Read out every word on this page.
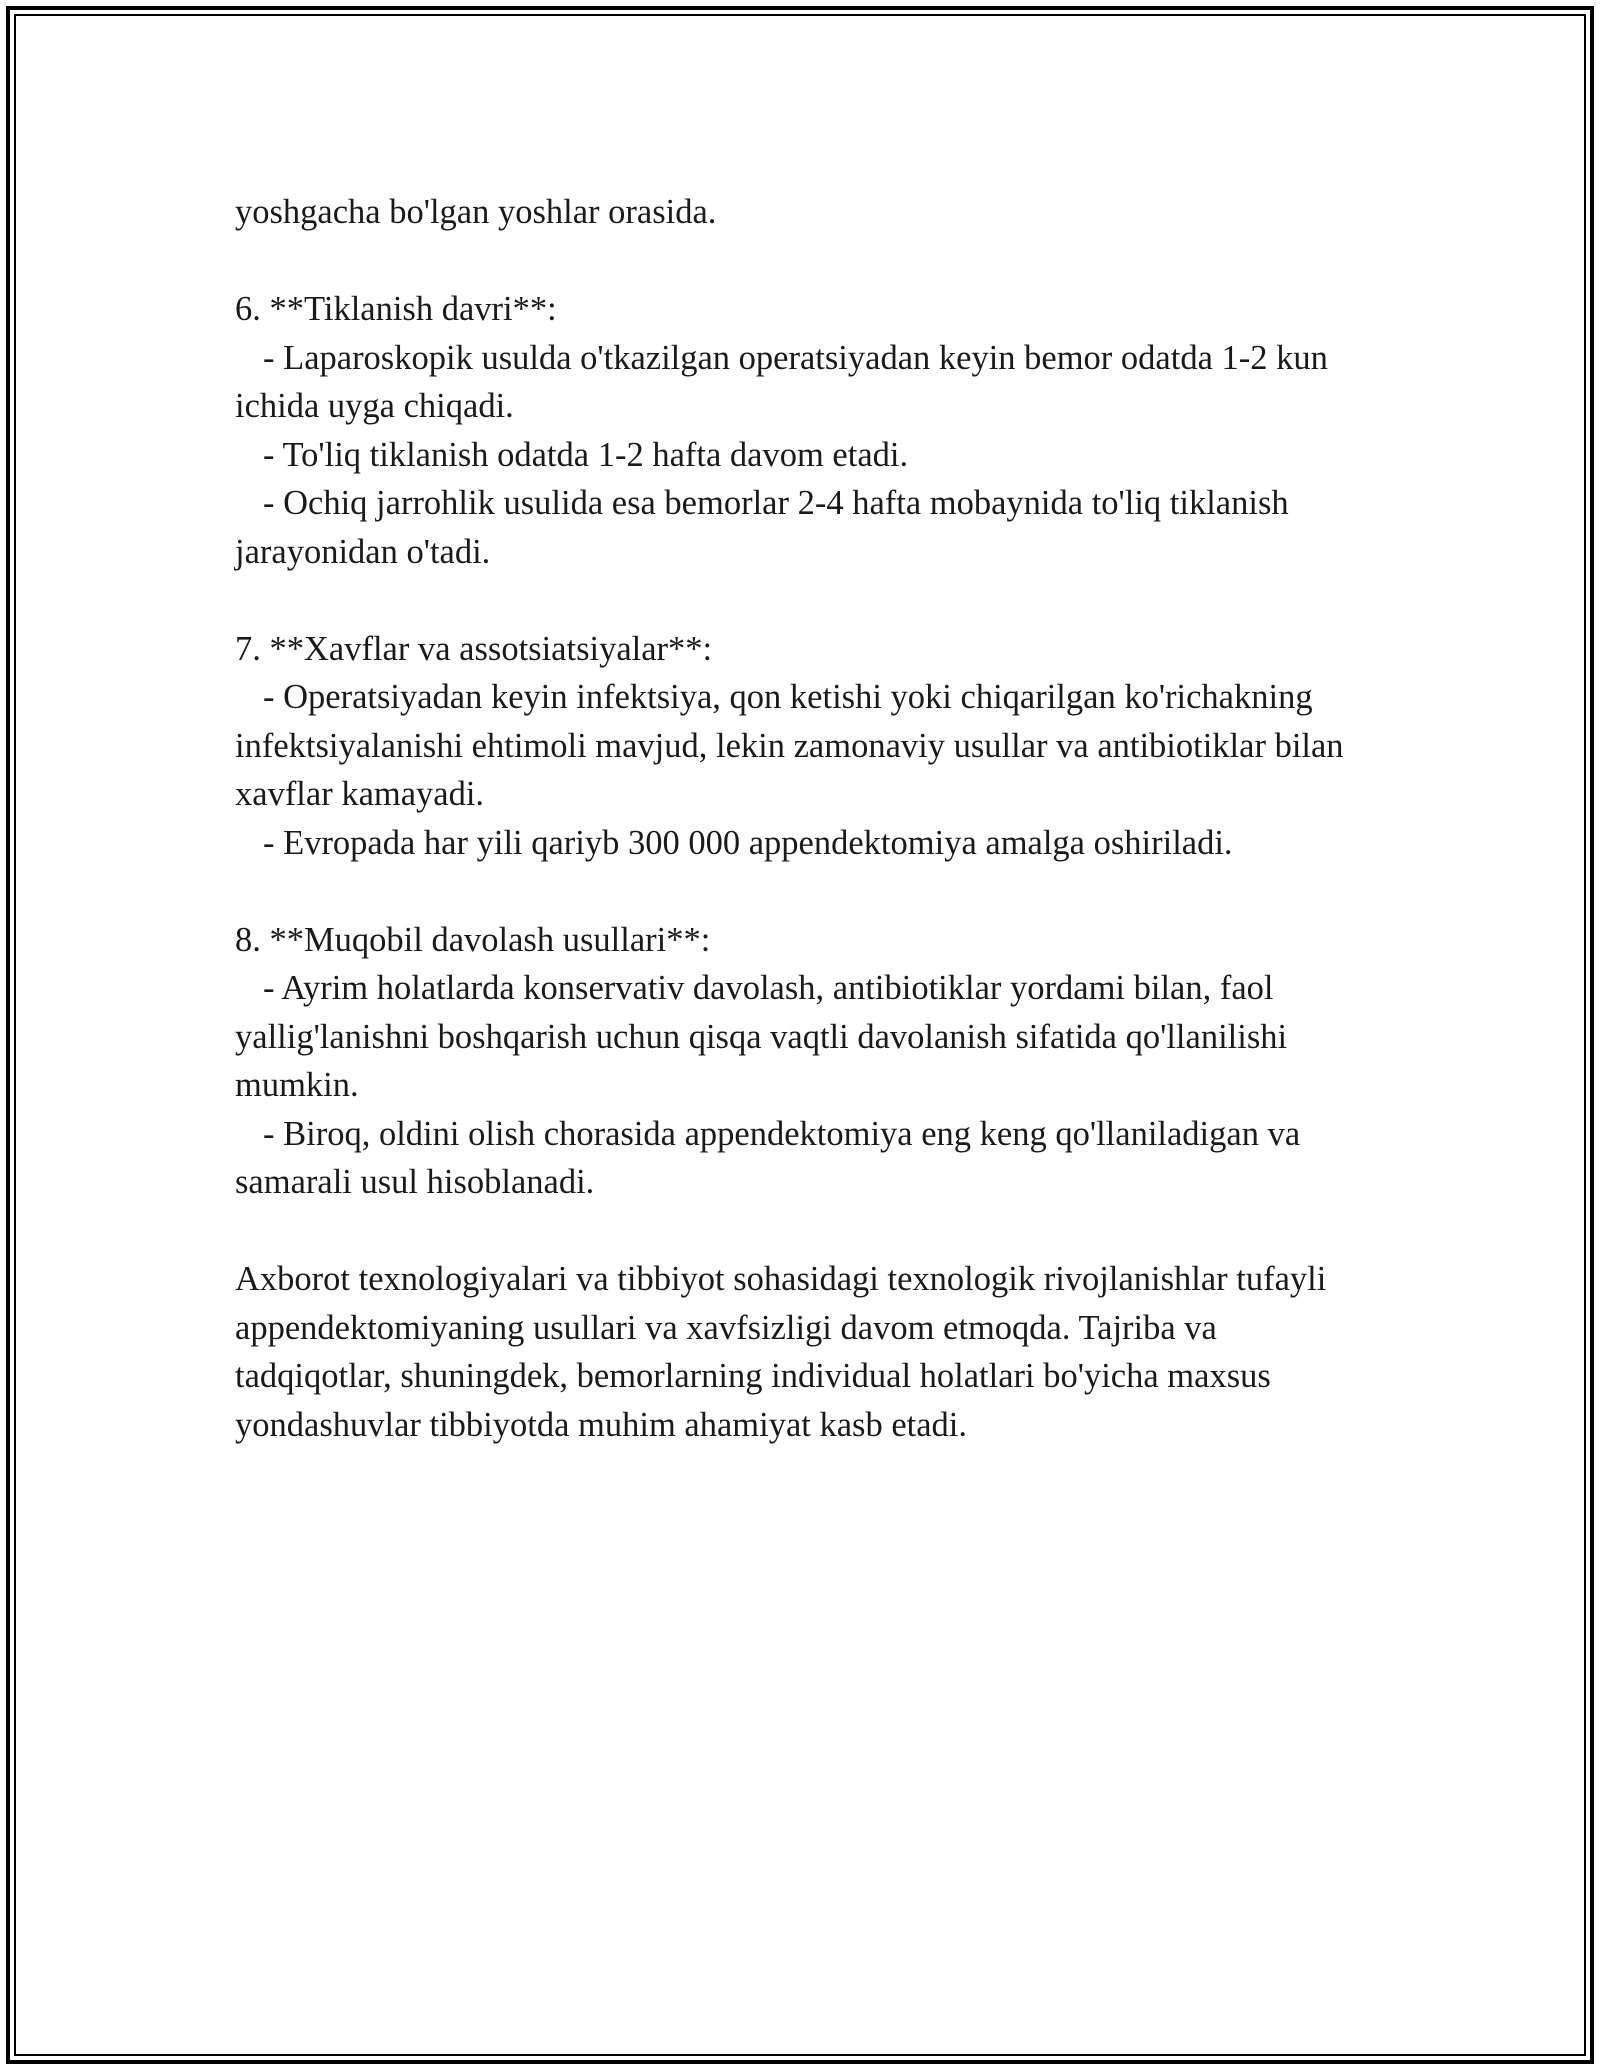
yoshgacha bo'lgan yoshlar orasida.

6. **Tiklanish davri**:

- Laparoskopik usulda o'tkazilgan operatsiyadan keyin bemor odatda 1-2 kun ichida uyga chiqadi.
- To'liq tiklanish odatda 1-2 hafta davom etadi.
- Ochiq jarrohlik usulida esa bemorlar 2-4 hafta mobaynida to'liq tiklanish jarayonidan o'tadi.

7. **Xavflar va assotsiatsiyalar**:

- Operatsiyadan keyin infektsiya, qon ketishi yoki chiqarilgan ko'richakning infektsiyalanishi ehtimoli mavjud, lekin zamonaviy usullar va antibiotiklar bilan xavflar kamayadi.
- Evropada har yili qariyb 300 000 appendektomiya amalga oshiriladi.

8. **Muqobil davolash usullari**:

- Ayrim holatlarda konservativ davolash, antibiotiklar yordami bilan, faol yallig'lanishni boshqarish uchun qisqa vaqtli davolanish sifatida qo'llanilishi mumkin.
- Biroq, oldini olish chorasida appendektomiya eng keng qo'llaniladigan va samarali usul hisoblanadi.

Axborot texnologiyalari va tibbiyot sohasidagi texnologik rivojlanishlar tufayli appendektomiyaning usullari va xavfsizligi davom etmoqda. Tajriba va tadqiqotlar, shuningdek, bemorlarning individual holatlari bo'yicha maxsus yondashuvlar tibbiyotda muhim ahamiyat kasb etadi.
